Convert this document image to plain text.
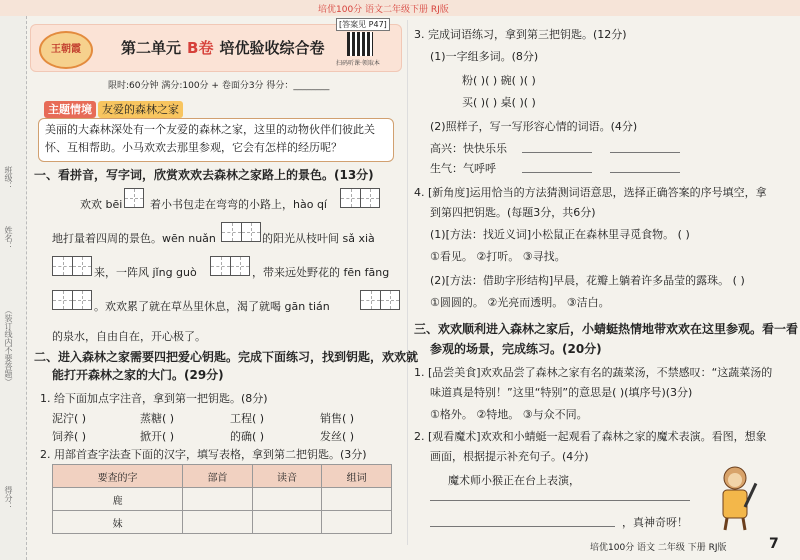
培优100分 语文二年级下册 RJ版
班级：
姓名：
（装订线内不要答题）
得分：
王朝霞	第二单元 B卷 培优验收综合卷
[答案见 P47]
扫码听课·领取本
限时:60分钟 满分:100分 + 卷面分3分 得分：________
主题情境 友爱的森林之家
美丽的大森林深处有一个友爱的森林之家，这里的动物伙伴们彼此关怀、互相帮助。小马欢欢去那里参观，它会有怎样的经历呢？
一、看拼音，写字词，欣赏欢欢去森林之家路上的景色。(13分)
欢欢 bēi	着小书包走在弯弯的小路上，hào qí
地打量着四周的景色。wēn nuǎn	的阳光从枝叶间 sǎ xià
来，一阵风 jǐng guò	，带来远处野花的 fēn fāng
。欢欢累了就在草丛里休息，渴了就喝 gān tián
的泉水，自由自在，开心极了。
二、进入森林之家需要四把爱心钥匙。完成下面练习，找到钥匙，欢欢就
能打开森林之家的大门。(29分)
1. 给下面加点字注音，拿到第一把钥匙。(8分)
泥泞( )	蒸糖( )	工程( )	销售( )
饲养( )	掀开( )	的确( )	发丝( )
2. 用部首查字法查下面的汉字，填写表格，拿到第二把钥匙。(3分)
要查的字	部首	读音	组词
鹿			
妹			
3. 完成词语练习，拿到第三把钥匙。(12分)
(1)一字组多词。(8分)
粉( )( ) 碗( )( )
买( )( ) 桌( )( )
(2)照样子，写一写形容心情的词语。(4分)
高兴：快快乐乐
生气：气呼呼
4. [新角度]运用恰当的方法猜测词语意思，选择正确答案的序号填空，拿
到第四把钥匙。(每题3分，共6分)
(1)[方法：找近义词]小松鼠正在森林里寻觅食物。 ( )
①看见。 ②打听。 ③寻找。
(2)[方法：借助字形结构]早晨，花瓣上躺着许多晶莹的露珠。 ( )
①圆圆的。 ②光亮而透明。 ③洁白。
三、欢欢顺利进入森林之家后，小蜻蜓热情地带欢欢在这里参观。看一看
参观的场景，完成练习。(20分)
1. [品尝美食]欢欢品尝了森林之家有名的蔬菜汤，不禁感叹：“这蔬菜汤的
味道真是特别！”这里“特别”的意思是( )(填序号)(3分)
①格外。 ②特地。 ③与众不同。
2. [观看魔术]欢欢和小蜻蜓一起观看了森林之家的魔术表演。看图，想象
画面，根据提示补充句子。(4分)
魔术师小猴正在台上表演，
，真神奇呀！
培优100分 语文 二年级 下册 RJ版	7
